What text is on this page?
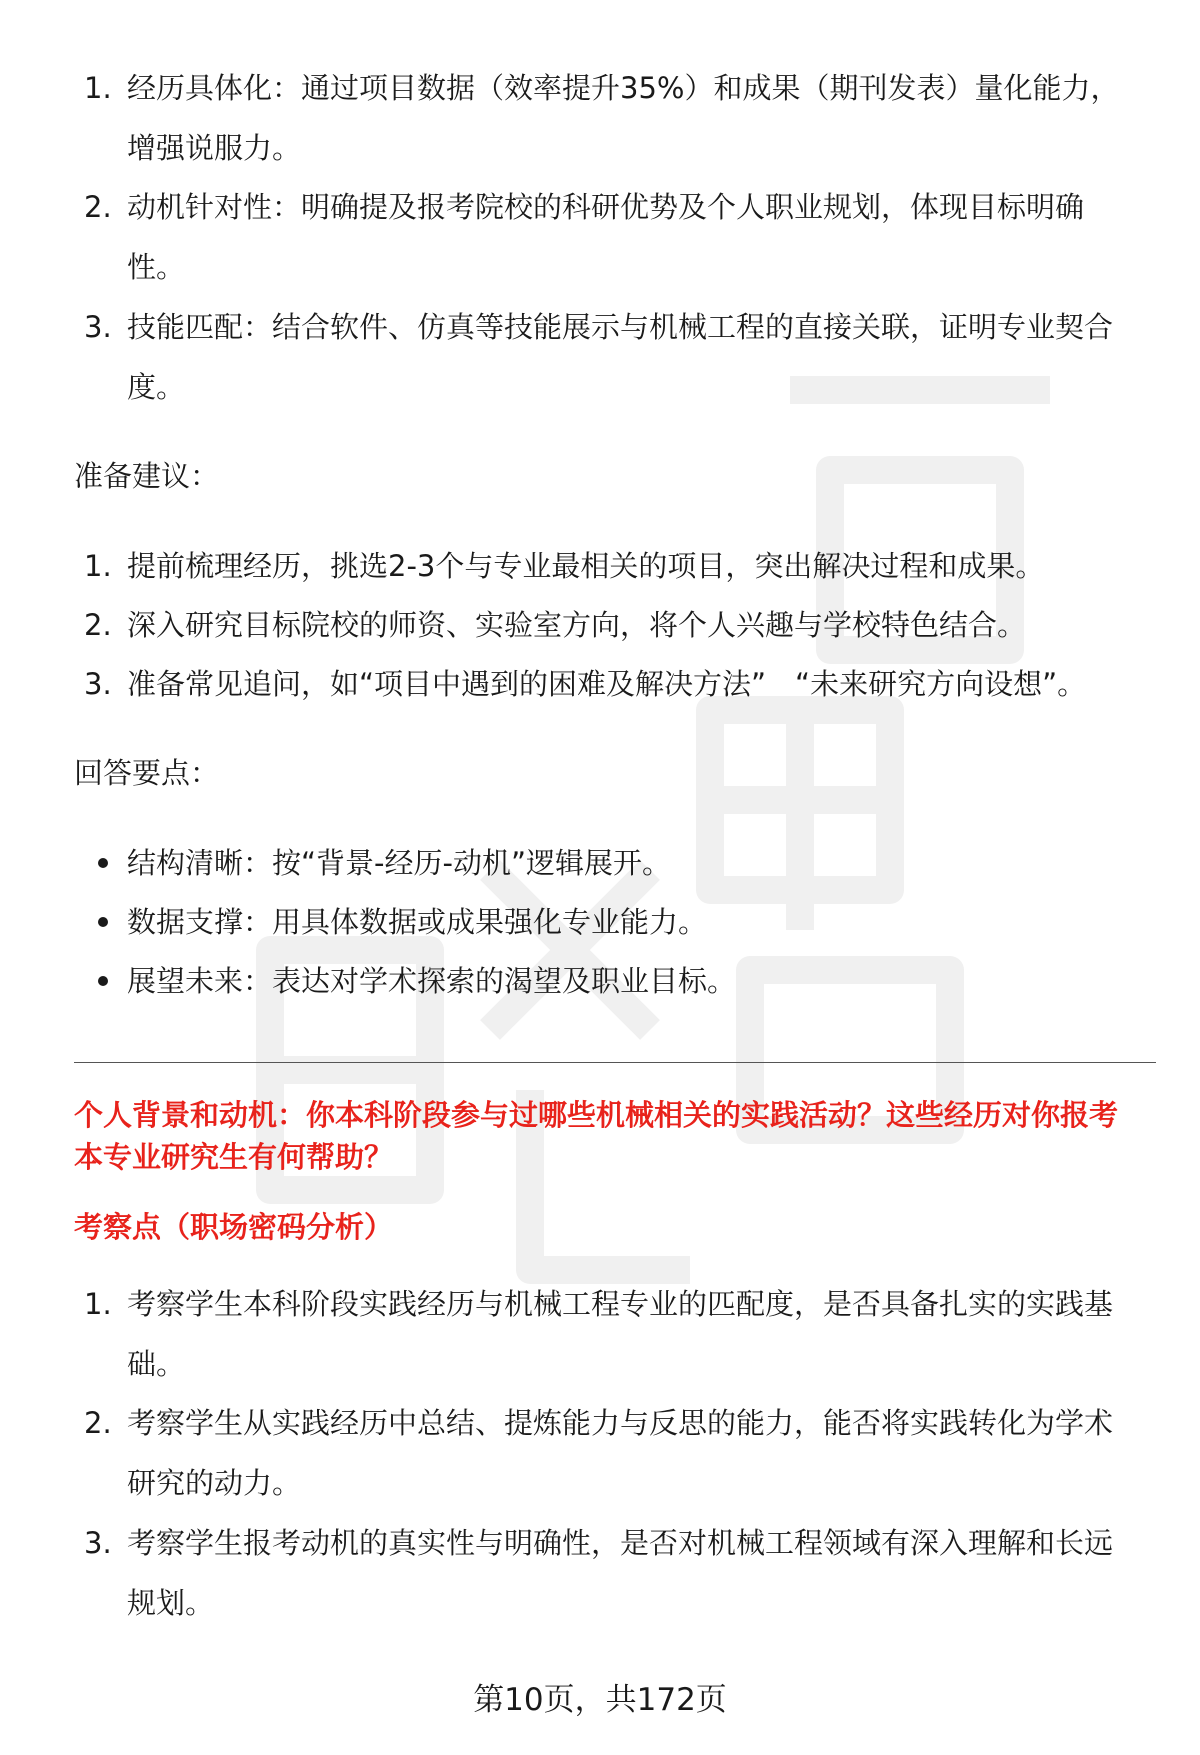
1. 经历具体化：通过项目数据（效率提升35%）和成果（期刊发表）量化能力，
增强说服力。
2. 动机针对性：明确提及报考院校的科研优势及个人职业规划，体现目标明确
性。
3. 技能匹配：结合软件、仿真等技能展示与机械工程的直接关联，证明专业契合
度。
准备建议：
1. 提前梳理经历，挑选2-3个与专业最相关的项目，突出解决过程和成果。
2. 深入研究目标院校的师资、实验室方向，将个人兴趣与学校特色结合。
3. 准备常见追问，如“项目中遇到的困难及解决方法”　“未来研究方向设想”。
回答要点：
结构清晰：按“背景-经历-动机”逻辑展开。
数据支撑：用具体数据或成果强化专业能力。
展望未来：表达对学术探索的渴望及职业目标。
个人背景和动机：你本科阶段参与过哪些机械相关的实践活动？这些经历对你报考
本专业研究生有何帮助？
考察点（职场密码分析）
1. 考察学生本科阶段实践经历与机械工程专业的匹配度，是否具备扎实的实践基
础。
2. 考察学生从实践经历中总结、提炼能力与反思的能力，能否将实践转化为学术
研究的动力。
3. 考察学生报考动机的真实性与明确性，是否对机械工程领域有深入理解和长远
规划。
第10页，共172页
